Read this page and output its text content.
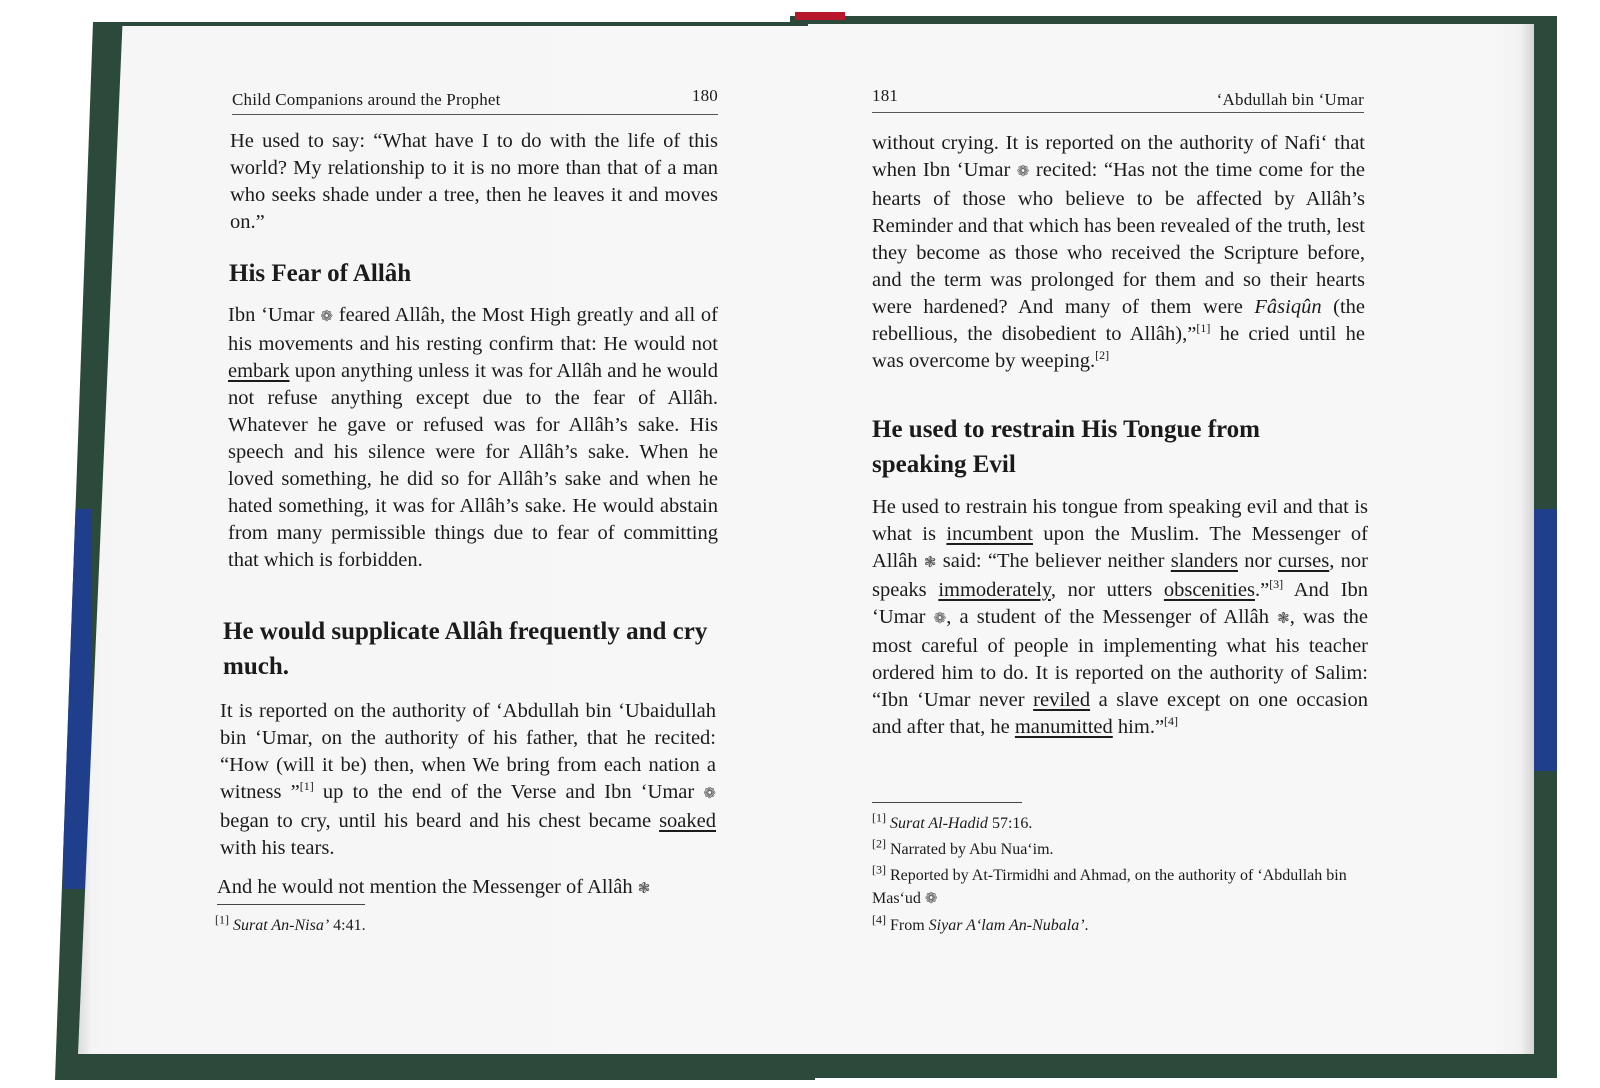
Child Companions around the Prophet	180

He used to say: “What have I to do with the life of this world? My relationship to it is no more than that of a man who seeks shade under a tree, then he leaves it and moves on.”

His Fear of Allâh

Ibn ‘Umar ❁ feared Allâh, the Most High greatly and all of his movements and his resting confirm that: He would not embark upon anything unless it was for Allâh and he would not refuse anything except due to the fear of Allâh. Whatever he gave or refused was for Allâh’s sake. His speech and his silence were for Allâh’s sake. When he loved something, he did so for Allâh’s sake and when he hated something, it was for Allâh’s sake. He would abstain from many permissible things due to fear of committing that which is forbidden.

He would supplicate Allâh frequently and cry much.

It is reported on the authority of ‘Abdullah bin ‘Ubaidullah bin ‘Umar, on the authority of his father, that he recited: “How (will it be) then, when We bring from each nation a witness ”[1] up to the end of the Verse and Ibn ‘Umar ❁ began to cry, until his beard and his chest became soaked with his tears.

And he would not mention the Messenger of Allâh ❃

[1] Surat An-Nisa’ 4:41.
181	‘Abdullah bin ‘Umar

without crying. It is reported on the authority of Nafi‘ that when Ibn ‘Umar ❁ recited: “Has not the time come for the hearts of those who believe to be affected by Allâh’s Reminder and that which has been revealed of the truth, lest they become as those who received the Scripture before, and the term was prolonged for them and so their hearts were hardened? And many of them were Fâsiqûn (the rebellious, the disobedient to Allâh),”[1] he cried until he was overcome by weeping.[2]

He used to restrain His Tongue from speaking Evil

He used to restrain his tongue from speaking evil and that is what is incumbent upon the Muslim. The Messenger of Allâh ❃ said: “The believer neither slanders nor curses, nor speaks immoderately, nor utters obscenities.”[3] And Ibn ‘Umar ❁, a student of the Messenger of Allâh ❃, was the most careful of people in implementing what his teacher ordered him to do. It is reported on the authority of Salim: “Ibn ‘Umar never reviled a slave except on one occasion and after that, he manumitted him.”[4]

[1] Surat Al-Hadid 57:16.
[2] Narrated by Abu Nua‘im.
[3] Reported by At-Tirmidhi and Ahmad, on the authority of ‘Abdullah bin Mas‘ud ❁
[4] From Siyar A‘lam An-Nubala’.
